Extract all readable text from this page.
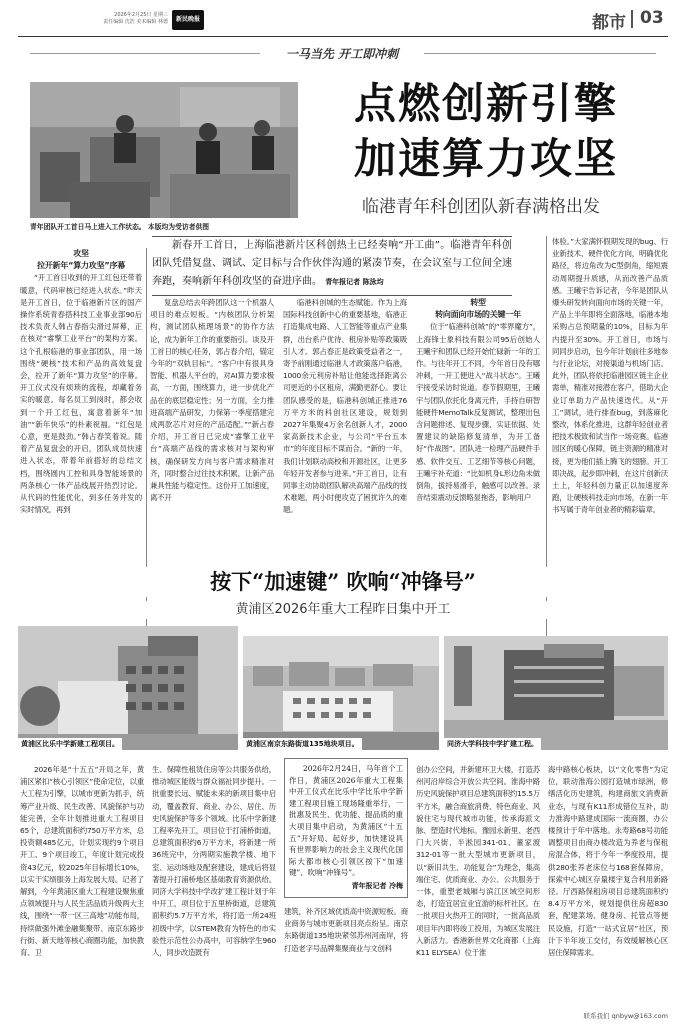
2026年2月25日 星期三
责任编辑 沈浩 美术编辑 林德	新民晚报	都市 03
一马当先 开工即冲刺
青年团队开工首日马上进入工作状态。 本版均为受访者供图
点燃创新引擎
加速算力攻坚
临港青年科创团队新春满格出发
新春开工首日，上海临港新片区科创热土已经奏响“开工曲”。临港青年科创团队凭借复盘、调试、定目标与合作伙伴沟通的紧凑节奏，在会议室与工位间全速奔跑，奏响新年科创攻坚的奋进序曲。 青年报记者 陈泳均

攻坚

拉开新年“算力攻坚”序幕

“开工首日收到的开工红包还带着暖意，代码审核已经进入状态。”昨天是开工首日，位于临港新片区的国产操作系统青春搭科技工业事业部90后技术负责人韩占春指尖滑过屏幕，正在核对“睿擎工业平台”的架构方案。这个孔根临港的事业部团队，用一场围绕“硬核”技术和产品的高效复盘会，拉开了新年“算力攻坚”的序幕。开工仪式没有烦琐的流程，却藏着务实的暖意。每名员工到岗时，都会收到一个开工红包，寓意着新年“加油”“新年快乐”的朴素祝福。“红包是心意，更是鼓劲。”韩占春笑着说。随着产品复盘会的开启，团队成员快速进入状态，带着年前搭好的总结文档，围绕圆内工控和具身智能场景的两条核心一体产品线展开热烈讨论。从代码的性能优化，到多任务并发的实时情况，再到

复盘总结去年跨团队这一个机器人项目的难点短板。“内核团队分析架构，测试团队梳理场景”的协作方法论，成为新年工作的重要指引。谈及开工首日的核心任务，郭占春介绍，锚定今年的“双轨目标”。“客户中有很具身智能、机器人平台的，对AI算力要求极高，一方面，围绕算力，进一步优化产品在的底层稳定性；另一方面，全力推进高端产品研发，力保第一季度搭建完成两款芯片对应的产品适配。”“新占春介绍，开工首日已完成“睿擎工业平台”高端产品线的需求核对与架构审核，确保研发方向与客户需求精准对齐，同时整合过往技术积累，让新产品兼具性能与稳定性。这份开工加速度，离不开

临港科创城的生态赋能。作为上海国际科技创新中心的重要基地，临港正打造集成电路、人工智能等重点产业集群，出台系户优待、租房补贴等政策吸引人才。郭占春正是政策受益者之一，寄予前刚通过临港人才政策落户临港，1000余元利房补贴让他能选择距离公司更近的小区租房，满勤更舒心。要让团队感受的是，临港科创城正推进76万平方米的科创社区建设，规划到2027年集聚4万余名创新人才，2000家高新技术企业，与公司“平台五本市”的年度目标不谋而合。“新的一年，我们计划联动高校和开源社区，让更多年轻开发者参与进来。”开工首日，让有同事主动协助团队解决高端产品线的技术难题，两小时便攻克了困扰许久的难题。

转型

转向面向市场的关键一年

位于“临港科创城”的“零界魔方”，上海锋士象科技有限公司95后创始人王曦宇和团队已经开始忙碌新一年的工作。与往年开工不同，今年首日没有哪冲刺，一开工便进入“战斗状态”。王曦宇接受采访时说道。春节假期里，王曦宇与团队依托化身离元件，手持自研智能硬件MemoTalk反复测试，整理出包含问题排述、复现步骤、实证依据、处置建议的缺陷修复清单，为开工备好“作战图”。团队进一检理产品硬件手感、软件交互、工艺细节等核心问题，王曦宇补充道：“比如机身L形边角未做倒角，拔持易滑手，触感可以改善。录音结束震动反馈略显拖沓，影响用户

体验。”大家满怀假期发现的bug、行业新技术、硬件优化方向，明确优化路径，将边角改为C型倒角，缩短震动周期提升质感，从而改善产品质感。王曦宇告诉记者，今年是团队从爆头研发转向面向市场的关键一年，产品上半年即将全面落地，临港本地采购占总预期量的10%，目标为年内提升至30%。开工首日，市场与同同步启动，包今年计划前往多地参与行业论坛，对接渠道与机场门店。此外，团队将依托临港园区链主企业需单，精准对接潜在客户，借助大企业订单助力产品快速迭代。从“开工”调试，进行排查bug，到落麻化整改，体系化推进，这群年轻创业者把技术极致和试当作一场竞赛。临港园区的暖心保障，链主资源的精准对接，更为他们插上腾飞的翅膀。开工即决战，起步即冲刺，在这片创新沃土上，年轻科创力量正以加速度奔跑，让硬核科技走向市场，在新一年书写属于青年创业者的精彩篇章。

按下“加速键” 吹响“冲锋号”
黄浦区2026年重大工程昨日集中开工
黄浦区比乐中学新建工程项目。	黄浦区南京东路街道135地块项目。	同济大学科技中学扩建工程。

2026年是“十五五”开局之年，黄浦区紧扣“核心引领区”使命定位，以重大工程为引擎，以城市更新为抓手，统筹产业升级、民生改善、风貌保护与功能完善，全年计划推进重大工程项目65个，总建筑面积约750万平方米，总投资额485亿元，计划实现约9个项目开工、9个项目竣工，年度计划完成投资43亿元，较2025年目标增长10%，以实干实绩服务上海发展大局。记者了解到，今年黄浦区重大工程建设聚焦重点领域提升与人民生活品质升级两大主线，围绕“一带一区三高地”功能布局，持续做强外滩金融集聚带、南京东路步行街、新天地等核心商圈功能，加快教育、卫

生、保障性租赁住房等公共服务供给，推动城区能级与群众福祉同步提升。一批重要长远、赋能未来的新项目集中启动，覆盖教育、商业、办公、居住、历史风貌保护等多个领域。比乐中学新建工程率先开工，项目位于打浦桥街道，总建筑面积约6万平方米，将新建一所36班完中，分两期实施教学楼、地下室、运动场地及配套建设，建成后将显著提升打浦桥地区基础教育资源供给。同济大学科技中学改扩建工程计划于年中开工，项目位于五里桥街道，总建筑面积约5.7万平方米，将打造一所24班初级中学，以STEM教育为特色的市实验性示范性公办高中，可容纳学生960人，同步改造既有

2026年2月24日，马年首个工作日，黄浦区2026年重大工程集中开工仪式在比乐中学比乐中学新建工程项目施工现场隆重举行，一批惠及民生、优功能、提品质的重大项目集中启动，为黄浦区“十五五”开好局、起好步，加快建设具有世界影响力的社会主义现代化国际大都市核心引领区按下“加速键”、吹响“冲锋号”。
青年报记者 冷梅

建筑，补齐区域优质高中资源短板。商业商务与城市更新项目亮点纷呈。南京东路街道135地块紧邻苏州河南岸，将打造老字号品牌集聚商业与文创科

创办公空间，并新建环卫大楼，打造苏州河沿岸综合开放公共空间。淮海中路历史风貌保护项目总建筑面积约15.5万平方米，融合商旅消费、特色商业、风貌住宅与现代城市功能，传承海派文脉、塑造时代地标。豫园永新里、老西门大兴街、半淞园341-01、董家渡312-01等一批大型城市更新项目，以“新旧共生、功能复合”为理念，集高端住宅、优质商业、办公、公共服务于一体，重塑老城厢与滨江区域空间形态，打造宜居宜业宜游的标杆社区。在一批项目火热开工的同时，一批高品质项目年内即将竣工投用，为城区发展注入新活力。香港新世界文化商都（上海K11 ELYSEA）位于淮

海中路核心板块，以“文化零售”为定位，联动淮海公园打造城市绿洲，修缮活化历史建筑，构建商旅文消费新业态，与现有K11形成错位互补，助力淮海中路建成国际一流商圈，办公楼预计于年中落地。永寿路68号功能调整项目由商办楼改造为养老与保租房混合体，将于今年一季度投用，提供280张养老床位与168套保障房，探索中心城区存量楼宇复合利用新路径。厅西路保租房项目总建筑面积约8.4万平方米，规划提供住房超830套，配建菜场、健身房、托管点等便民设施，打造“一站式宜居”社区，预计下半年竣工交付，有效缓解核心区居住保障需求。

联系我们 qnbyw@163.com
